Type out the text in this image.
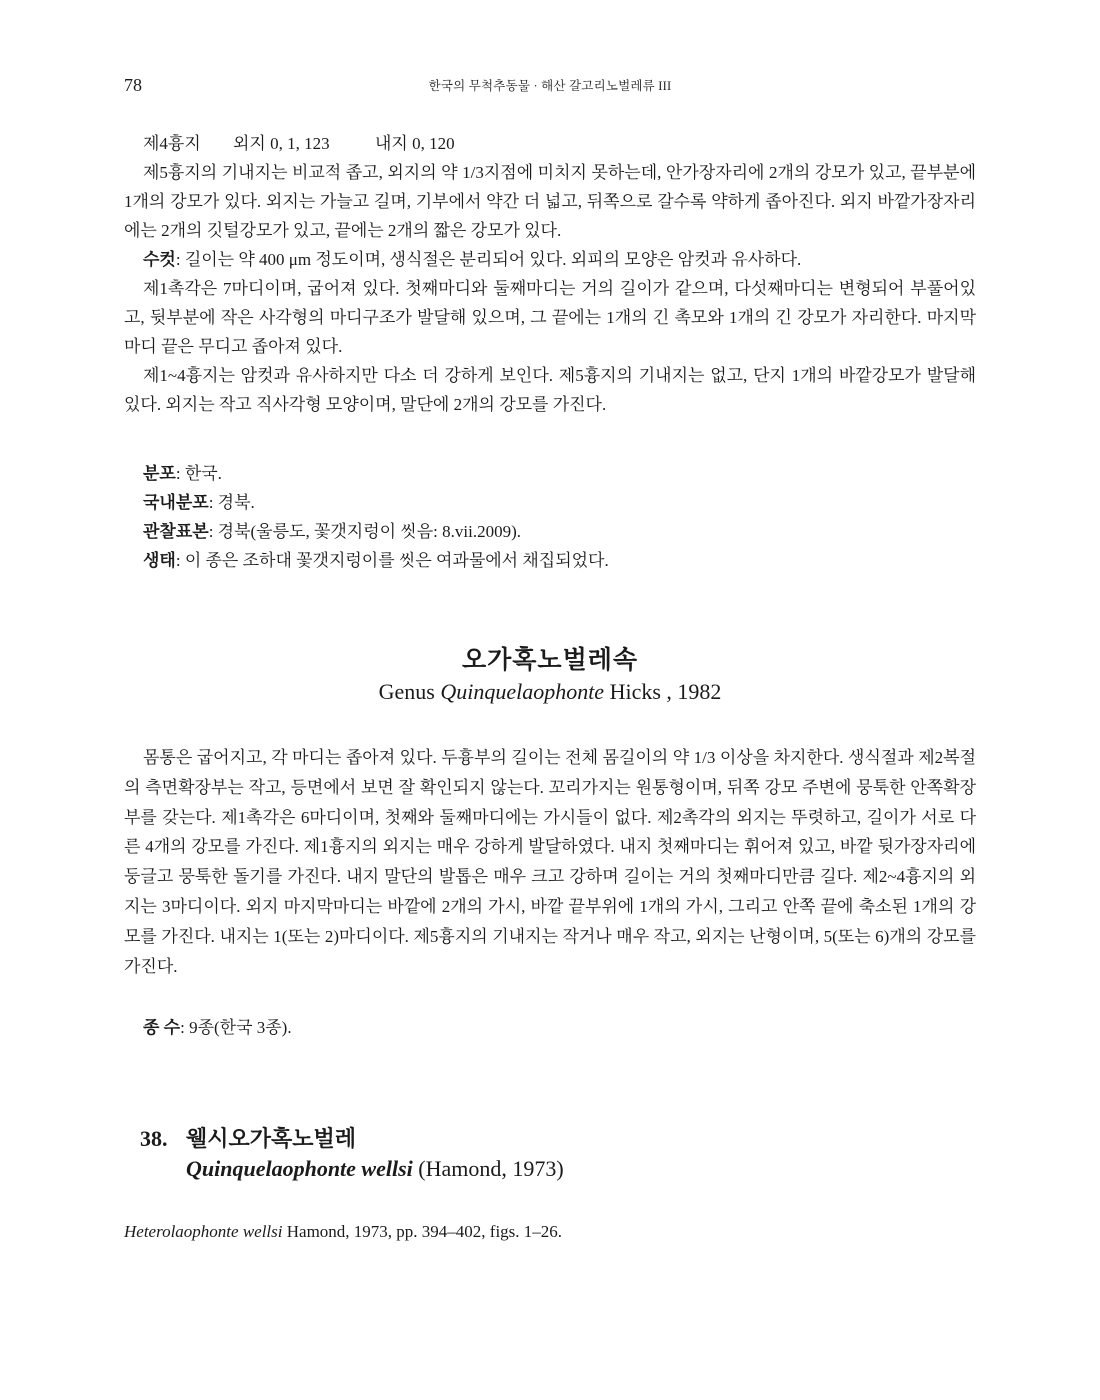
78	한국의 무척추동물 · 해산 갈고리노벌레류 III
제4흉지 외지 0, 1, 123	내지 0, 120

제5흉지의 기내지는 비교적 좁고, 외지의 약 1/3지점에 미치지 못하는데, 안가장자리에 2개의 강모가 있고, 끝부분에 1개의 강모가 있다. 외지는 가늘고 길며, 기부에서 약간 더 넓고, 뒤쪽으로 갈수록 약하게 좁아진다. 외지 바깥가장자리에는 2개의 깃털강모가 있고, 끝에는 2개의 짧은 강모가 있다.

수컷: 길이는 약 400 μm 정도이며, 생식절은 분리되어 있다. 외피의 모양은 암컷과 유사하다.

제1촉각은 7마디이며, 굽어져 있다. 첫째마디와 둘째마디는 거의 길이가 같으며, 다섯째마디는 변형되어 부풀어있고, 뒷부분에 작은 사각형의 마디구조가 발달해 있으며, 그 끝에는 1개의 긴 촉모와 1개의 긴 강모가 자리한다. 마지막마디 끝은 무디고 좁아져 있다.

제1~4흉지는 암컷과 유사하지만 다소 더 강하게 보인다. 제5흉지의 기내지는 없고, 단지 1개의 바깥강모가 발달해 있다. 외지는 작고 직사각형 모양이며, 말단에 2개의 강모를 가진다.

분포: 한국.

국내분포: 경북.

관찰표본: 경북(울릉도, 꽃갯지렁이 씻음: 8.vii.2009).

생태: 이 종은 조하대 꽃갯지렁이를 씻은 여과물에서 채집되었다.

오가혹노벌레속
Genus Quinquelaophonte Hicks , 1982

몸통은 굽어지고, 각 마디는 좁아져 있다. 두흉부의 길이는 전체 몸길이의 약 1/3 이상을 차지한다. 생식절과 제2복절의 측면확장부는 작고, 등면에서 보면 잘 확인되지 않는다. 꼬리가지는 원통형이며, 뒤쪽 강모 주변에 뭉툭한 안쪽확장부를 갖는다. 제1촉각은 6마디이며, 첫째와 둘째마디에는 가시들이 없다. 제2촉각의 외지는 뚜렷하고, 길이가 서로 다른 4개의 강모를 가진다. 제1흉지의 외지는 매우 강하게 발달하였다. 내지 첫째마디는 휘어져 있고, 바깥 뒷가장자리에 둥글고 뭉툭한 돌기를 가진다. 내지 말단의 발톱은 매우 크고 강하며 길이는 거의 첫째마디만큼 길다. 제2~4흉지의 외지는 3마디이다. 외지 마지막마디는 바깥에 2개의 가시, 바깥 끝부위에 1개의 가시, 그리고 안쪽 끝에 축소된 1개의 강모를 가진다. 내지는 1(또는 2)마디이다. 제5흉지의 기내지는 작거나 매우 작고, 외지는 난형이며, 5(또는 6)개의 강모를 가진다.

종 수: 9종(한국 3종).

38. 웰시오가혹노벌레
Quinquelaophonte wellsi (Hamond, 1973)

Heterolaophonte wellsi Hamond, 1973, pp. 394–402, figs. 1–26.
